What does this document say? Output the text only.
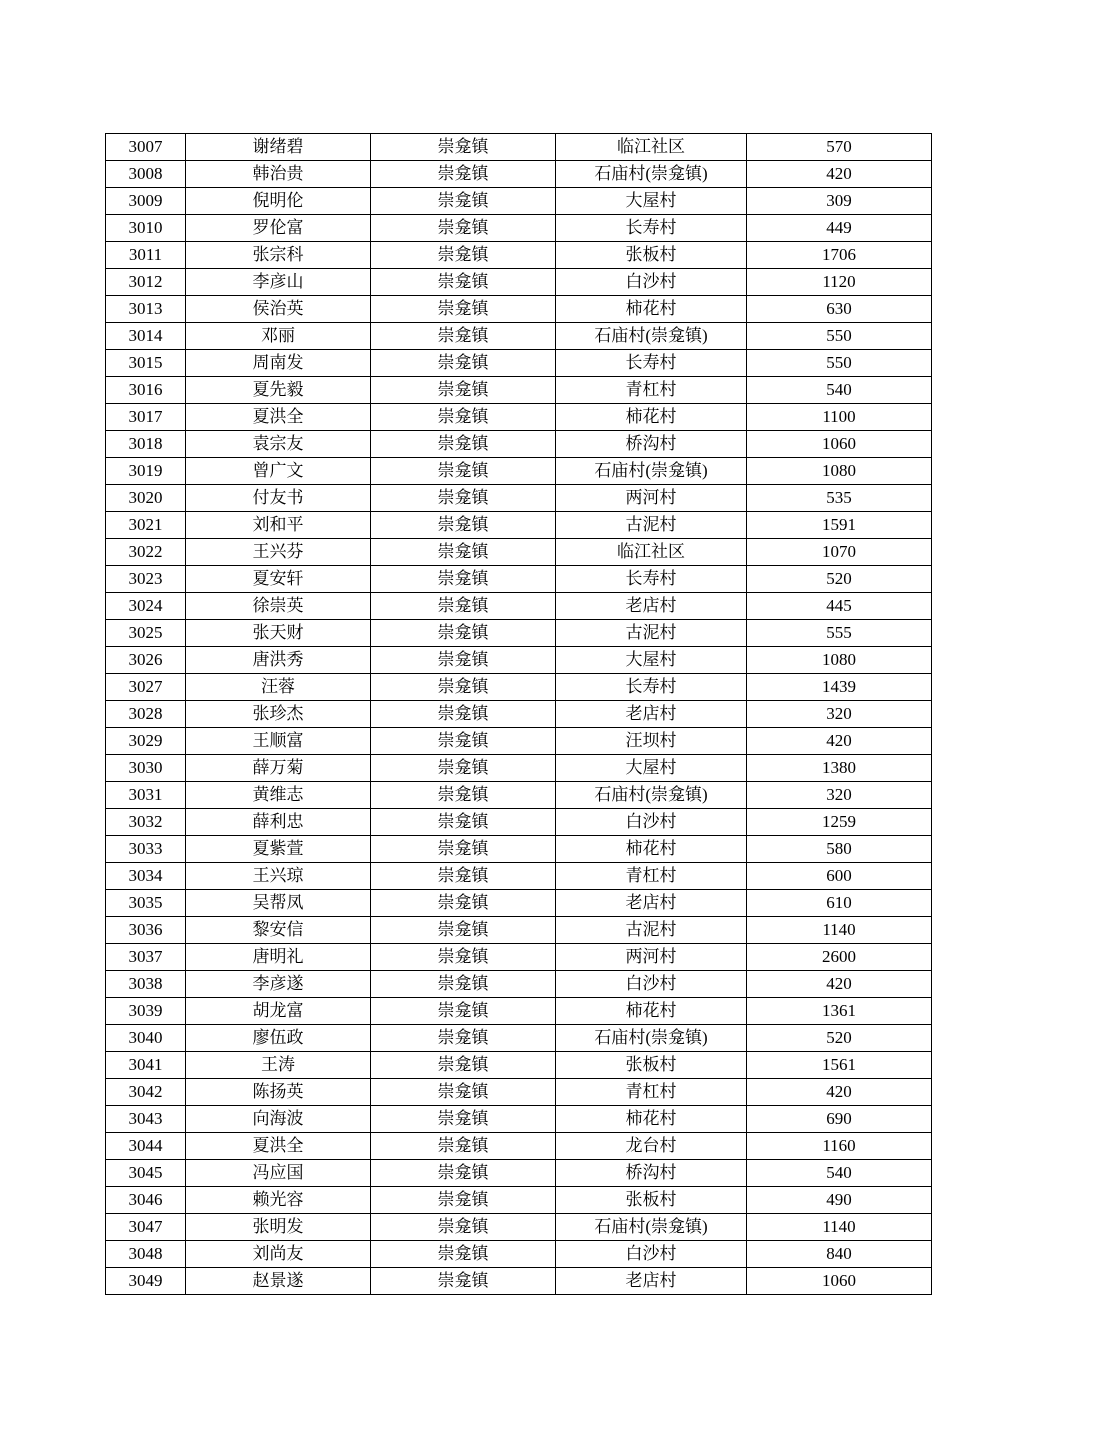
3007	谢绪碧	崇龛镇	临江社区	570
3008	韩治贵	崇龛镇	石庙村(崇龛镇)	420
3009	倪明伦	崇龛镇	大屋村	309
3010	罗伦富	崇龛镇	长寿村	449
3011	张宗科	崇龛镇	张板村	1706
3012	李彦山	崇龛镇	白沙村	1120
3013	侯治英	崇龛镇	柿花村	630
3014	邓丽	崇龛镇	石庙村(崇龛镇)	550
3015	周南发	崇龛镇	长寿村	550
3016	夏先毅	崇龛镇	青杠村	540
3017	夏洪全	崇龛镇	柿花村	1100
3018	袁宗友	崇龛镇	桥沟村	1060
3019	曾广文	崇龛镇	石庙村(崇龛镇)	1080
3020	付友书	崇龛镇	两河村	535
3021	刘和平	崇龛镇	古泥村	1591
3022	王兴芬	崇龛镇	临江社区	1070
3023	夏安轩	崇龛镇	长寿村	520
3024	徐崇英	崇龛镇	老店村	445
3025	张天财	崇龛镇	古泥村	555
3026	唐洪秀	崇龛镇	大屋村	1080
3027	汪蓉	崇龛镇	长寿村	1439
3028	张珍杰	崇龛镇	老店村	320
3029	王顺富	崇龛镇	汪坝村	420
3030	薛万菊	崇龛镇	大屋村	1380
3031	黄维志	崇龛镇	石庙村(崇龛镇)	320
3032	薛利忠	崇龛镇	白沙村	1259
3033	夏紫萱	崇龛镇	柿花村	580
3034	王兴琼	崇龛镇	青杠村	600
3035	吴帮凤	崇龛镇	老店村	610
3036	黎安信	崇龛镇	古泥村	1140
3037	唐明礼	崇龛镇	两河村	2600
3038	李彦遂	崇龛镇	白沙村	420
3039	胡龙富	崇龛镇	柿花村	1361
3040	廖伍政	崇龛镇	石庙村(崇龛镇)	520
3041	王涛	崇龛镇	张板村	1561
3042	陈扬英	崇龛镇	青杠村	420
3043	向海波	崇龛镇	柿花村	690
3044	夏洪全	崇龛镇	龙台村	1160
3045	冯应国	崇龛镇	桥沟村	540
3046	赖光容	崇龛镇	张板村	490
3047	张明发	崇龛镇	石庙村(崇龛镇)	1140
3048	刘尚友	崇龛镇	白沙村	840
3049	赵景遂	崇龛镇	老店村	1060
